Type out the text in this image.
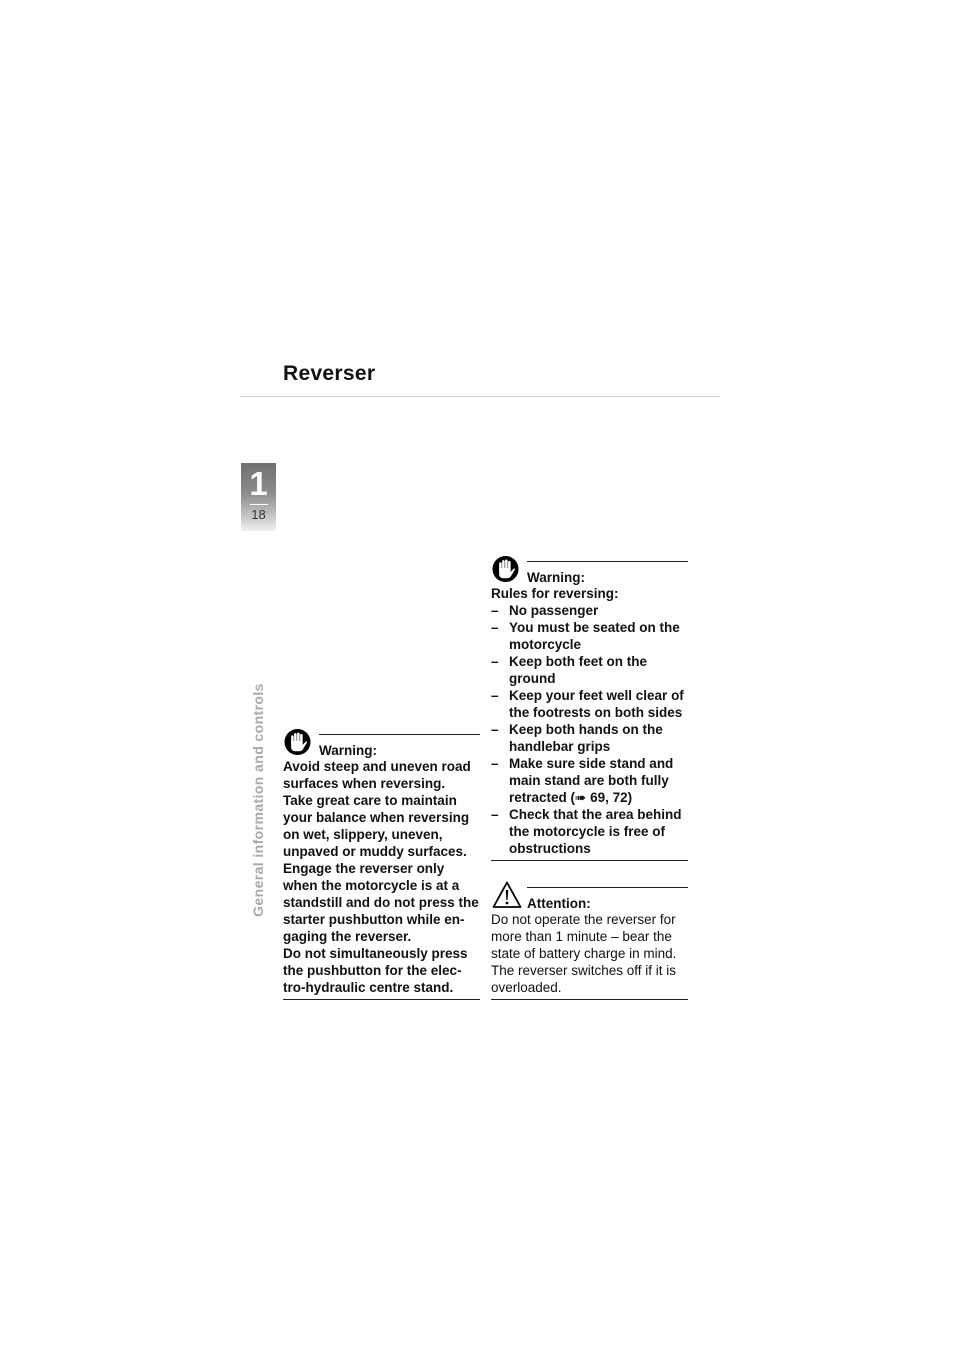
Reverser
1
18
General information and controls	Warning:
Avoid steep and uneven road
surfaces when reversing.
Take great care to maintain
your balance when reversing
on wet, slippery, uneven,
unpaved or muddy surfaces.
Engage the reverser only
when the motorcycle is at a
standstill and do not press the
starter pushbutton while en-
gaging the reverser.
Do not simultaneously press
the pushbutton for the elec-
tro-hydraulic centre stand.
Warning:
Rules for reversing:
– No passenger
– You must be seated on the motorcycle
– Keep both feet on the ground
– Keep your feet well clear of the footrests on both sides
– Keep both hands on the handlebar grips
– Make sure side stand and main stand are both fully retracted (➠ 69, 72)
– Check that the area behind the motorcycle is free of obstructions
Attention:
Do not operate the reverser for
more than 1 minute – bear the
state of battery charge in mind.
The reverser switches off if it is
overloaded.
